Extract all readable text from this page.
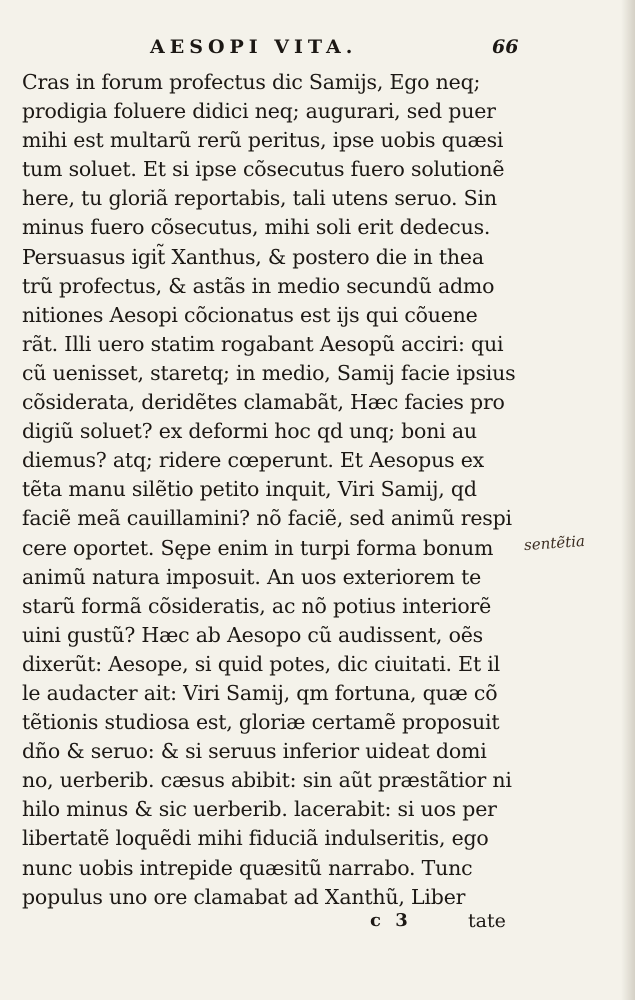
AESOPI VITA.	66
Cras in forum profectus dic Samijs, Ego neq;
prodigia foluere didici neq; augurari, sed puer
mihi est multarũ rerũ peritus, ipse uobis quæsi
tum soluet. Et si ipse cõsecutus fuero solutionẽ
here, tu gloriã reportabis, tali utens seruo. Sin
minus fuero cõsecutus, mihi soli erit dedecus.
Persuasus igit̃ Xanthus, & postero die in thea
trũ profectus, & astãs in medio secundũ admo
nitiones Aesopi cõcionatus est ijs qui cõuene
rãt. Illi uero statim rogabant Aesopũ acciri: qui
cũ uenisset, staretq; in medio, Samij facie ipsius
cõsiderata, deridẽtes clamabãt, Hæc facies pro
digiũ soluet? ex deformi hoc qd unq; boni au
diemus? atq; ridere cœperunt. Et Aesopus ex
tẽta manu silẽtio petito inquit, Viri Samij, qd
faciẽ meã cauillamini? nõ faciẽ, sed animũ respi
cere oportet. Sępe enim in turpi forma bonum
animũ natura imposuit. An uos exteriorem te
starũ formã cõsideratis, ac nõ potius interiorẽ
uini gustũ? Hæc ab Aesopo cũ audissent, oẽs
dixerũt: Aesope, si quid potes, dic ciuitati. Et il
le audacter ait: Viri Samij, qm fortuna, quæ cõ
tẽtionis studiosa est, gloriæ certamẽ proposuit
dño & seruo: & si seruus inferior uideat domi
no, uerberib. cæsus abibit: sin aũt præstãtior ni
hilo minus & sic uerberib. lacerabit: si uos per
libertatẽ loquẽdi mihi fiduciã indulseritis, ego
nunc uobis intrepide quæsitũ narrabo. Tunc
populus uno ore clamabat ad Xanthũ, Liber
sentẽtia
c 3	tate
